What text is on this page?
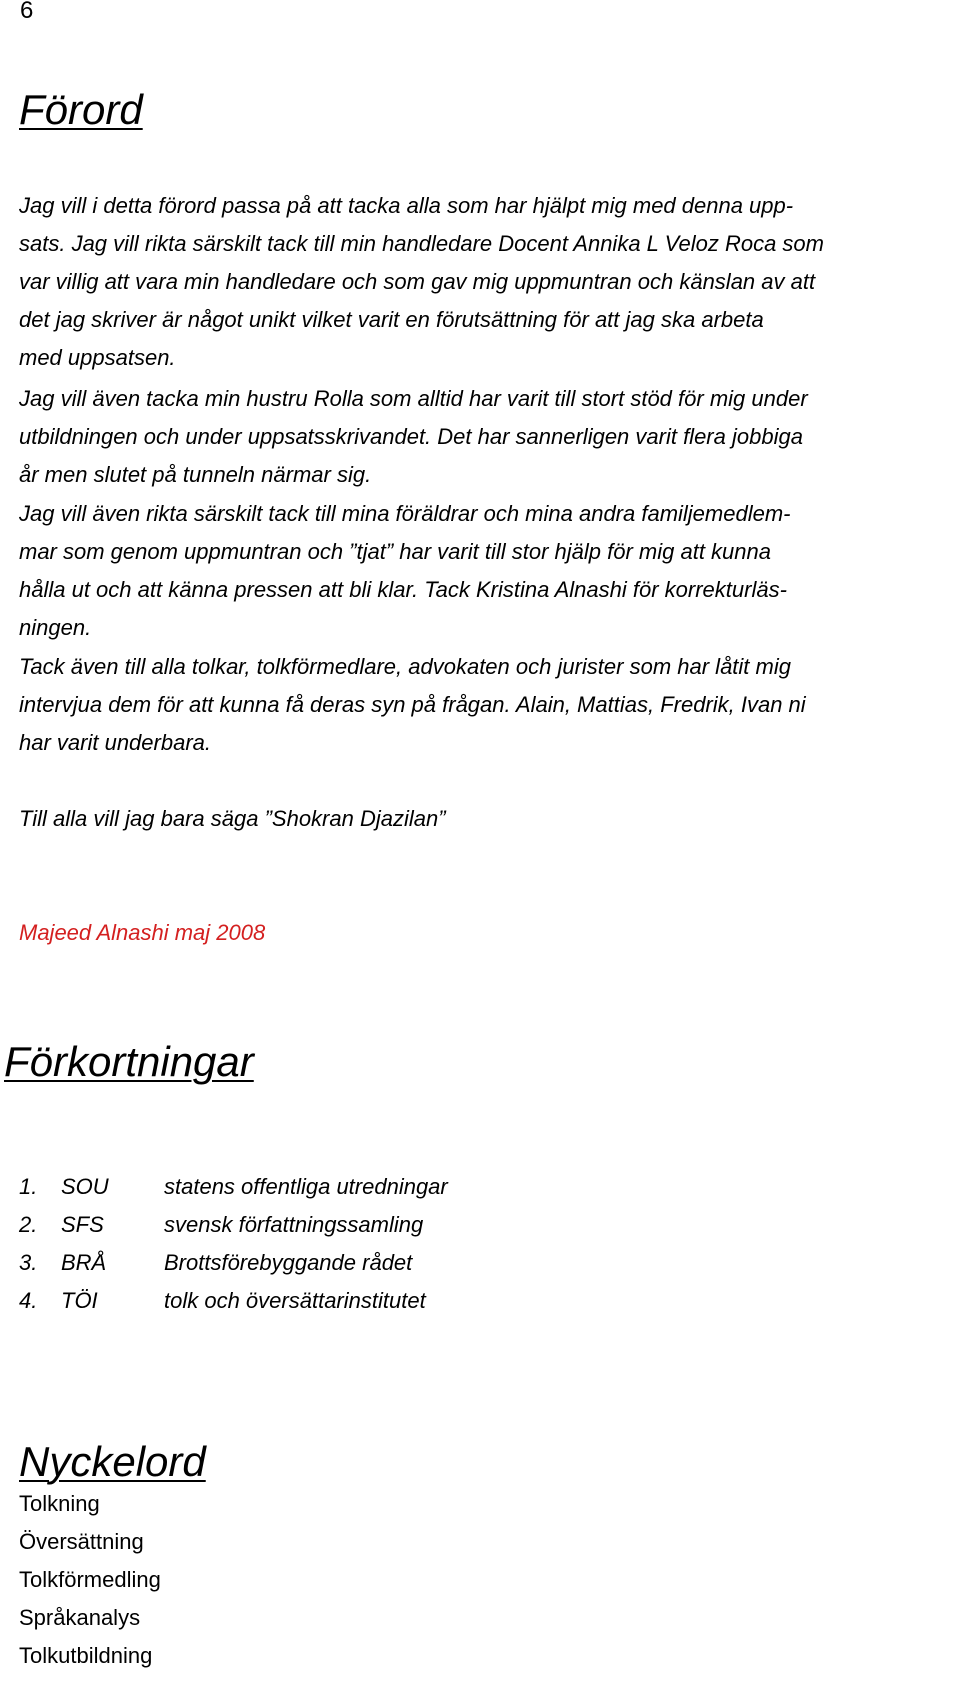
6
Förord

Jag vill i detta förord passa på att tacka alla som har hjälpt mig med denna upp-
sats. Jag vill rikta särskilt tack till min handledare Docent Annika L Veloz Roca som
var villig att vara min handledare och som gav mig uppmuntran och känslan av att
det jag skriver är något unikt vilket varit en förutsättning för att jag ska arbeta
med uppsatsen.

Jag vill även tacka min hustru Rolla som alltid har varit till stort stöd för mig under
utbildningen och under uppsatsskrivandet. Det har sannerligen varit flera jobbiga
år men slutet på tunneln närmar sig.

Jag vill även rikta särskilt tack till mina föräldrar och mina andra familjemedlem-
mar som genom uppmuntran och ”tjat” har varit till stor hjälp för mig att kunna
hålla ut och att känna pressen att bli klar. Tack Kristina Alnashi för korrekturläs-
ningen.

Tack även till alla tolkar, tolkförmedlare, advokaten och jurister som har låtit mig
intervjua dem för att kunna få deras syn på frågan. Alain, Mattias, Fredrik, Ivan ni
har varit underbara.

Till alla vill jag bara säga ”Shokran Djazilan”

Majeed Alnashi maj 2008
Förkortningar
1.	SOU	statens offentliga utredningar
2.	SFS	svensk författningssamling
3.	BRÅ	Brottsförebyggande rådet
4.	TÖI	tolk och översättarinstitutet
Nyckelord
Tolkning
Översättning
Tolkförmedling
Språkanalys
Tolkutbildning
